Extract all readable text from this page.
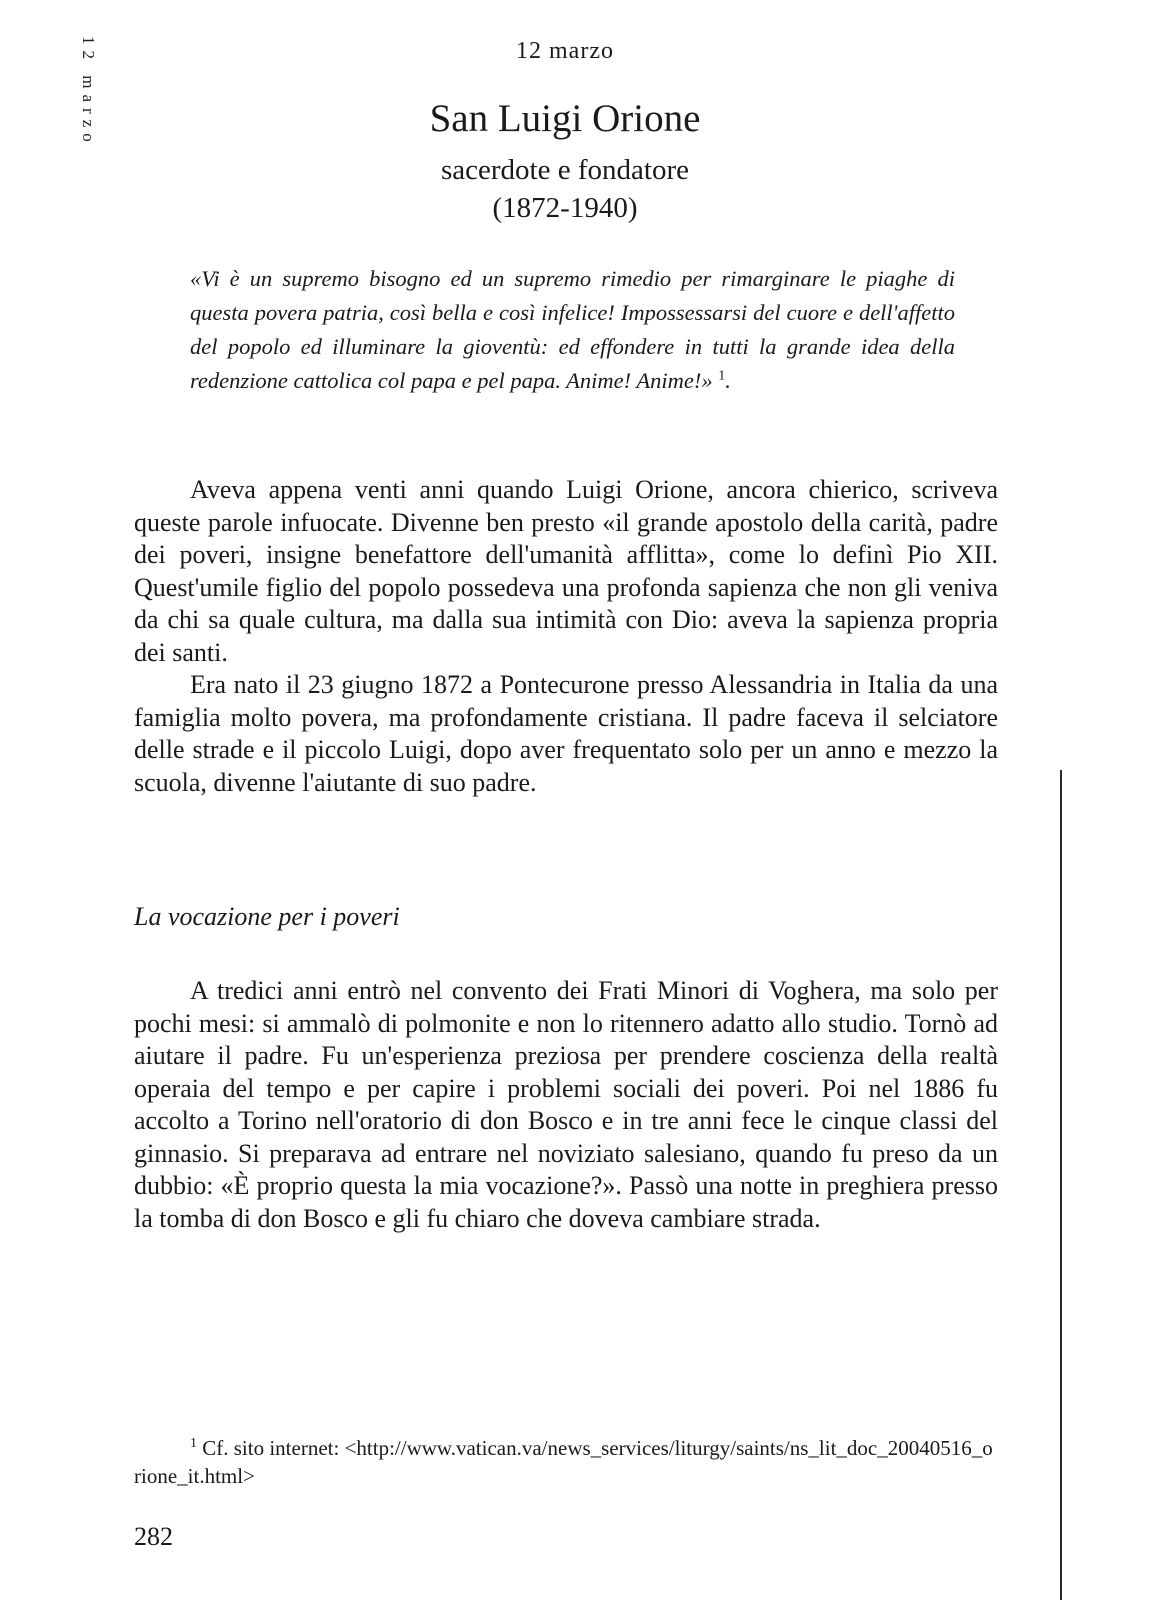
12 marzo	12 marzo
San Luigi Orione
sacerdote e fondatore
(1872-1940)
«Vi è un supremo bisogno ed un supremo rimedio per rimarginare le piaghe di questa povera patria, così bella e così infelice! Impossessarsi del cuore e dell'affetto del popolo ed illuminare la gioventù: ed effondere in tutti la grande idea della redenzione cattolica col papa e pel papa. Anime! Anime!» $^1$.

Aveva appena venti anni quando Luigi Orione, ancora chierico, scriveva queste parole infuocate. Divenne ben presto «il grande apostolo della carità, padre dei poveri, insigne benefattore dell'umanità afflitta», come lo definì Pio XII. Quest'umile figlio del popolo possedeva una profonda sapienza che non gli veniva da chi sa quale cultura, ma dalla sua intimità con Dio: aveva la sapienza propria dei santi.

Era nato il 23 giugno 1872 a Pontecurone presso Alessandria in Italia da una famiglia molto povera, ma profondamente cristiana. Il padre faceva il selciatore delle strade e il piccolo Luigi, dopo aver frequentato solo per un anno e mezzo la scuola, divenne l'aiutante di suo padre.

La vocazione per i poveri

A tredici anni entrò nel convento dei Frati Minori di Voghera, ma solo per pochi mesi: si ammalò di polmonite e non lo ritennero adatto allo studio. Tornò ad aiutare il padre. Fu un'esperienza preziosa per prendere coscienza della realtà operaia del tempo e per capire i problemi sociali dei poveri. Poi nel 1886 fu accolto a Torino nell'oratorio di don Bosco e in tre anni fece le cinque classi del ginnasio. Si preparava ad entrare nel noviziato salesiano, quando fu preso da un dubbio: «È proprio questa la mia vocazione?». Passò una notte in preghiera presso la tomba di don Bosco e gli fu chiaro che doveva cambiare strada.

$^1$ Cf. sito internet: <http://www.vatican.va/news_services/liturgy/saints/ns_lit_doc_20040516_orione_it.html>
282
